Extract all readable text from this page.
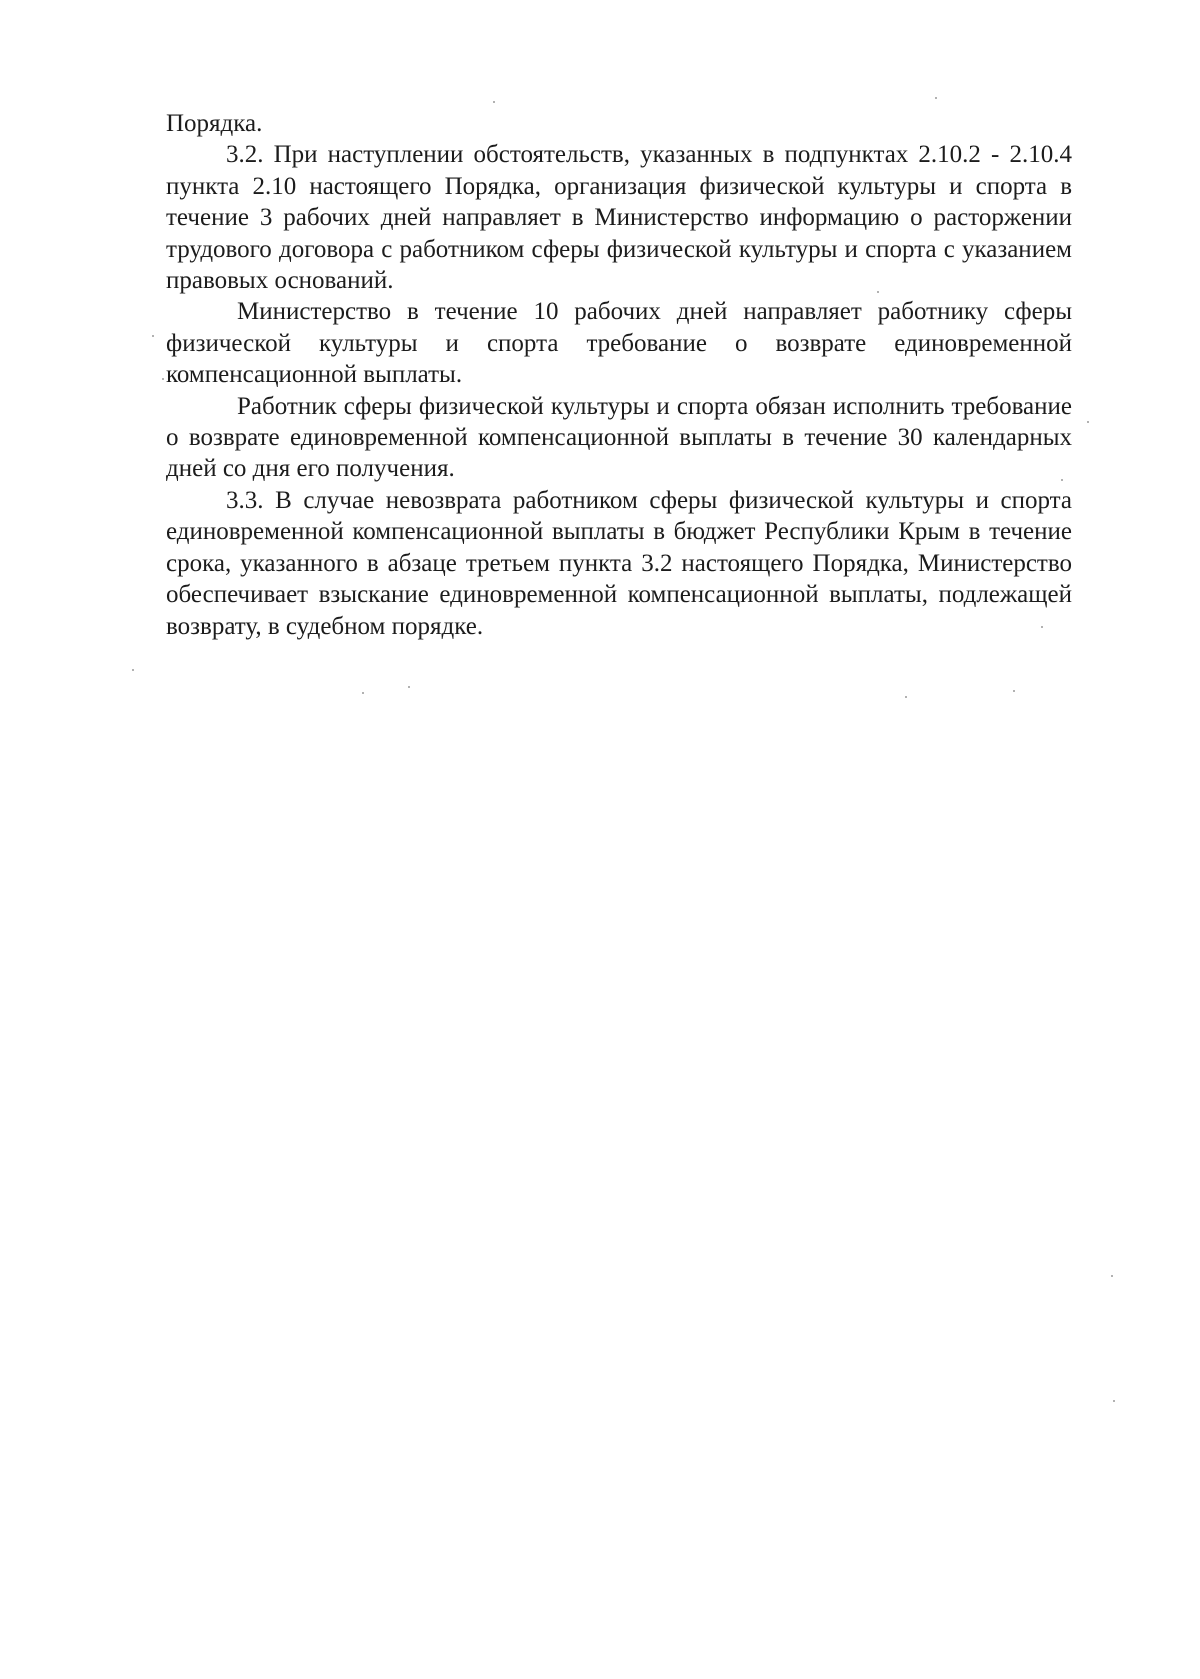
Порядка.

3.2. При наступлении обстоятельств, указанных в подпунктах 2.10.2 - 2.10.4 пункта 2.10 настоящего Порядка, организация физической культуры и спорта в течение 3 рабочих дней направляет в Министерство информацию о расторжении трудового договора с работником сферы физической культуры и спорта с указанием правовых оснований.

Министерство в течение 10 рабочих дней направляет работнику сферы физической культуры и спорта требование о возврате единовременной компенсационной выплаты.

Работник сферы физической культуры и спорта обязан исполнить требование о возврате единовременной компенсационной выплаты в течение 30 календарных дней со дня его получения.

3.3. В случае невозврата работником сферы физической культуры и спорта единовременной компенсационной выплаты в бюджет Республики Крым в течение срока, указанного в абзаце третьем пункта 3.2 настоящего Порядка, Министерство обеспечивает взыскание единовременной компенсационной выплаты, подлежащей возврату, в судебном порядке.
